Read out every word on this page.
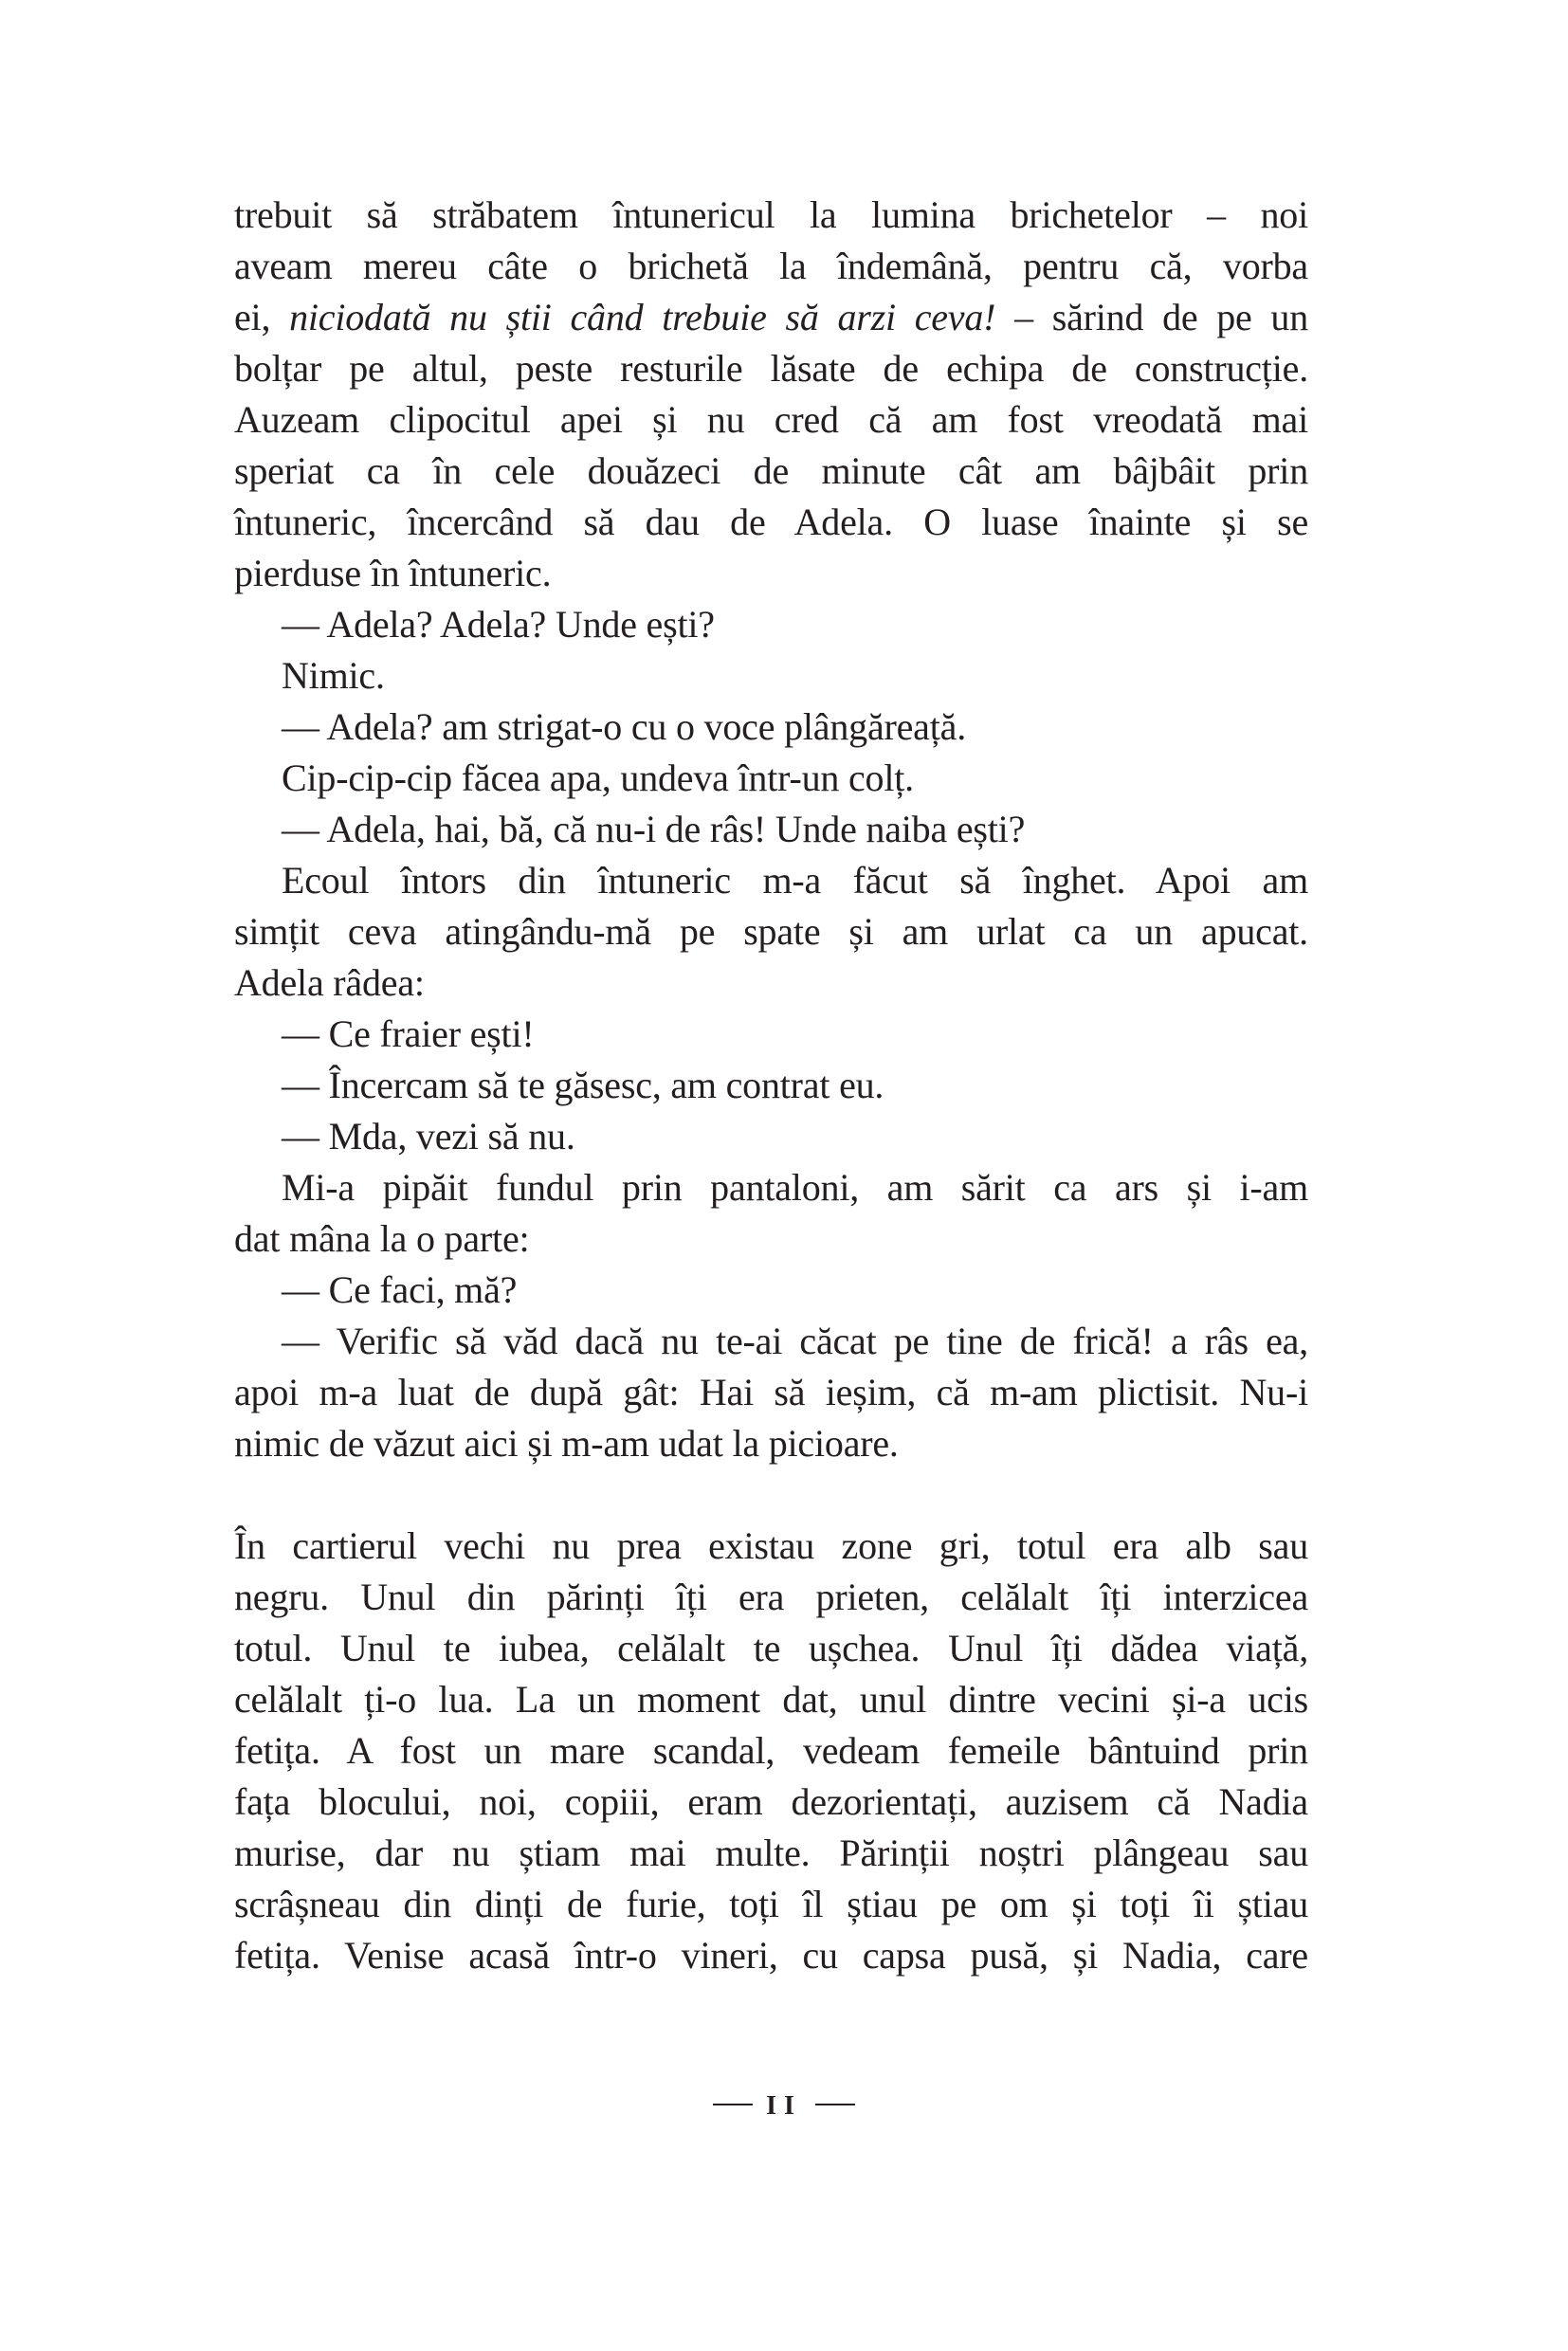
trebuit să străbatem întunericul la lumina brichetelor – noi
aveam mereu câte o brichetă la îndemână, pentru că, vorba
ei, niciodată nu știi când trebuie să arzi ceva! – sărind de pe un
bolțar pe altul, peste resturile lăsate de echipa de construcție.
Auzeam clipocitul apei și nu cred că am fost vreodată mai
speriat ca în cele douăzeci de minute cât am bâjbâit prin
întuneric, încercând să dau de Adela. O luase înainte și se
pierduse în întuneric.
— Adela? Adela? Unde ești?
Nimic.
— Adela? am strigat-o cu o voce plângăreață.
Cip-cip-cip făcea apa, undeva într-un colț.
— Adela, hai, bă, că nu-i de râs! Unde naiba ești?
Ecoul întors din întuneric m-a făcut să înghet. Apoi am
simțit ceva atingându-mă pe spate și am urlat ca un apucat.
Adela râdea:
— Ce fraier ești!
— Încercam să te găsesc, am contrat eu.
— Mda, vezi să nu.
Mi-a pipăit fundul prin pantaloni, am sărit ca ars și i-am
dat mâna la o parte:
— Ce faci, mă?
— Verific să văd dacă nu te-ai căcat pe tine de frică! a râs ea,
apoi m-a luat de după gât: Hai să ieșim, că m-am plictisit. Nu-i
nimic de văzut aici și m-am udat la picioare.
În cartierul vechi nu prea existau zone gri, totul era alb sau
negru. Unul din părinți îți era prieten, celălalt îți interzicea
totul. Unul te iubea, celălalt te ușchea. Unul îți dădea viață,
celălalt ți-o lua. La un moment dat, unul dintre vecini și-a ucis
fetița. A fost un mare scandal, vedeam femeile bântuind prin
fața blocului, noi, copiii, eram dezorientați, auzisem că Nadia
murise, dar nu știam mai multe. Părinții noștri plângeau sau
scrâșneau din dinți de furie, toți îl știau pe om și toți îi știau
fetița. Venise acasă într-o vineri, cu capsa pusă, și Nadia, care
II
